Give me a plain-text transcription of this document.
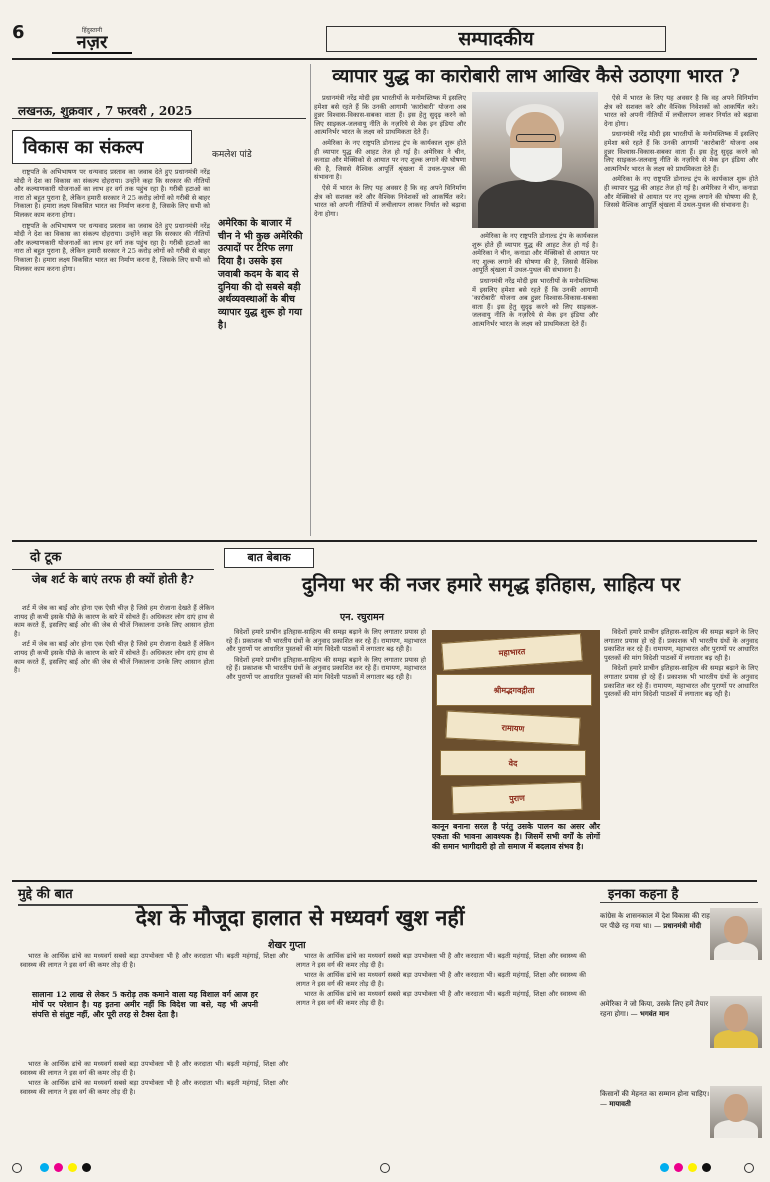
6	हिंदुस्तानी
नज़र	सम्पादकीय
लखनऊ, शुक्रवार , 7 फरवरी , 2025
व्यापार युद्ध का कारोबारी लाभ आखिर कैसे उठाएगा भारत ?

प्रधानमंत्री नरेंद्र मोदी इस भारतीयों के मनोमस्तिष्क में इसलिए हमेशा बसे रहते हैं कि उनकी आगामी 'कारोबारी' योजना अब हुन्नर विश्वास-विकास-सबका वाता हैं। इस हेतु सुदृढ़ करने को लिए साइकल-जलवायु नीति के नज़रिये से मेक इन इंडिया और आत्मनिर्भर भारत के लक्ष्य को प्राथमिकता देते हैं।

अमेरिका के नए राष्ट्रपति डोनाल्ड ट्रंप के कार्यकाल शुरू होते ही व्यापार युद्ध की आहट तेज हो गई है। अमेरिका ने चीन, कनाडा और मेक्सिको से आयात पर नए शुल्क लगाने की घोषणा की है, जिससे वैश्विक आपूर्ति श्रृंखला में उथल-पुथल की संभावना है।

ऐसे में भारत के लिए यह अवसर है कि वह अपने विनिर्माण क्षेत्र को सशक्त करे और वैश्विक निवेशकों को आकर्षित करे। भारत को अपनी नीतियों में लचीलापन लाकर निर्यात को बढ़ावा देना होगा।

अमेरिका के नए राष्ट्रपति डोनाल्ड ट्रंप के कार्यकाल शुरू होते ही व्यापार युद्ध की आहट तेज हो गई है। अमेरिका ने चीन, कनाडा और मेक्सिको से आयात पर नए शुल्क लगाने की घोषणा की है, जिससे वैश्विक आपूर्ति श्रृंखला में उथल-पुथल की संभावना है।

प्रधानमंत्री नरेंद्र मोदी इस भारतीयों के मनोमस्तिष्क में इसलिए हमेशा बसे रहते हैं कि उनकी आगामी 'कारोबारी' योजना अब हुन्नर विश्वास-विकास-सबका वाता हैं। इस हेतु सुदृढ़ करने को लिए साइकल-जलवायु नीति के नज़रिये से मेक इन इंडिया और आत्मनिर्भर भारत के लक्ष्य को प्राथमिकता देते हैं।

ऐसे में भारत के लिए यह अवसर है कि वह अपने विनिर्माण क्षेत्र को सशक्त करे और वैश्विक निवेशकों को आकर्षित करे। भारत को अपनी नीतियों में लचीलापन लाकर निर्यात को बढ़ावा देना होगा।

प्रधानमंत्री नरेंद्र मोदी इस भारतीयों के मनोमस्तिष्क में इसलिए हमेशा बसे रहते हैं कि उनकी आगामी 'कारोबारी' योजना अब हुन्नर विश्वास-विकास-सबका वाता हैं। इस हेतु सुदृढ़ करने को लिए साइकल-जलवायु नीति के नज़रिये से मेक इन इंडिया और आत्मनिर्भर भारत के लक्ष्य को प्राथमिकता देते हैं।

अमेरिका के नए राष्ट्रपति डोनाल्ड ट्रंप के कार्यकाल शुरू होते ही व्यापार युद्ध की आहट तेज हो गई है। अमेरिका ने चीन, कनाडा और मेक्सिको से आयात पर नए शुल्क लगाने की घोषणा की है, जिससे वैश्विक आपूर्ति श्रृंखला में उथल-पुथल की संभावना है।

विकास का संकल्प	कमलेश पांडे

राष्ट्रपति के अभिभाषण पर धन्यवाद प्रस्ताव का जवाब देते हुए प्रधानमंत्री नरेंद्र मोदी ने देश का विकास का संकल्प दोहराया। उन्होंने कहा कि सरकार की नीतियों और कल्याणकारी योजनाओं का लाभ हर वर्ग तक पहुंच रहा है। गरीबी हटाओ का नारा तो बहुत पुराना है, लेकिन हमारी सरकार ने 25 करोड़ लोगों को गरीबी से बाहर निकाला है। हमारा लक्ष्य विकसित भारत का निर्माण करना है, जिसके लिए सभी को मिलकर काम करना होगा।

राष्ट्रपति के अभिभाषण पर धन्यवाद प्रस्ताव का जवाब देते हुए प्रधानमंत्री नरेंद्र मोदी ने देश का विकास का संकल्प दोहराया। उन्होंने कहा कि सरकार की नीतियों और कल्याणकारी योजनाओं का लाभ हर वर्ग तक पहुंच रहा है। गरीबी हटाओ का नारा तो बहुत पुराना है, लेकिन हमारी सरकार ने 25 करोड़ लोगों को गरीबी से बाहर निकाला है। हमारा लक्ष्य विकसित भारत का निर्माण करना है, जिसके लिए सभी को मिलकर काम करना होगा।

अमेरिका के बाजार में चीन ने भी कुछ अमेरिकी उत्पादों पर टैरिफ लगा दिया है। उसके इस जवाबी कदम के बाद से दुनिया की दो सबसे बड़ी अर्थव्यवस्थाओं के बीच व्यापार युद्ध शुरू हो गया है।
दो टूक
जेब शर्ट के बाएं तरफ ही क्यों होती है?

शर्ट में जेब का बाईं ओर होना एक ऐसी चीज़ है जिसे हम रोजाना देखते हैं लेकिन शायद ही कभी इसके पीछे के कारण के बारे में सोचते हैं। अधिकतर लोग दाएं हाथ से काम करते हैं, इसलिए बाईं ओर की जेब से चीजें निकालना उनके लिए आसान होता है।

शर्ट में जेब का बाईं ओर होना एक ऐसी चीज़ है जिसे हम रोजाना देखते हैं लेकिन शायद ही कभी इसके पीछे के कारण के बारे में सोचते हैं। अधिकतर लोग दाएं हाथ से काम करते हैं, इसलिए बाईं ओर की जेब से चीजें निकालना उनके लिए आसान होता है।

बात बेबाक
दुनिया भर की नजर हमारे समृद्ध इतिहास, साहित्य पर
एन. रघुरामन

विदेशों हमारे प्राचीन इतिहास-साहित्य की समझ बढ़ाने के लिए लगातार प्रयास हो रहे हैं। प्रकाशक भी भारतीय ग्रंथों के अनुवाद प्रकाशित कर रहे हैं। रामायण, महाभारत और पुराणों पर आधारित पुस्तकों की मांग विदेशी पाठकों में लगातार बढ़ रही है।

विदेशों हमारे प्राचीन इतिहास-साहित्य की समझ बढ़ाने के लिए लगातार प्रयास हो रहे हैं। प्रकाशक भी भारतीय ग्रंथों के अनुवाद प्रकाशित कर रहे हैं। रामायण, महाभारत और पुराणों पर आधारित पुस्तकों की मांग विदेशी पाठकों में लगातार बढ़ रही है।

महाभारत
श्रीमद्भगवद्गीता
रामायण
वेद
पुराण
कानून बनाना सरल है परंतु उसके पालन का असर और एकता की भावना आवश्यक है। जिसमें सभी वर्गों के लोगों की समान भागीदारी हो तो समाज में बदलाव संभव है।

विदेशों हमारे प्राचीन इतिहास-साहित्य की समझ बढ़ाने के लिए लगातार प्रयास हो रहे हैं। प्रकाशक भी भारतीय ग्रंथों के अनुवाद प्रकाशित कर रहे हैं। रामायण, महाभारत और पुराणों पर आधारित पुस्तकों की मांग विदेशी पाठकों में लगातार बढ़ रही है।

विदेशों हमारे प्राचीन इतिहास-साहित्य की समझ बढ़ाने के लिए लगातार प्रयास हो रहे हैं। प्रकाशक भी भारतीय ग्रंथों के अनुवाद प्रकाशित कर रहे हैं। रामायण, महाभारत और पुराणों पर आधारित पुस्तकों की मांग विदेशी पाठकों में लगातार बढ़ रही है।

मुद्दे की बात
देश के मौजूदा हालात से मध्यवर्ग खुश नहीं
शेखर गुप्ता

भारत के आर्थिक ढांचे का मध्यवर्ग सबसे बड़ा उपभोक्ता भी है और करदाता भी। बढ़ती महंगाई, शिक्षा और स्वास्थ्य की लागत ने इस वर्ग की कमर तोड़ दी है।

सालाना 12 लाख से लेकर 5 करोड़ तक कमाने वाला यह विशाल वर्ग आज हर मोर्चे पर परेशान है। यह इतना अमीर नहीं कि विदेश जा बसे, यह भी अपनी संपत्ति से संतुष्ट नहीं, और पूरी तरह से टैक्स देता है।

भारत के आर्थिक ढांचे का मध्यवर्ग सबसे बड़ा उपभोक्ता भी है और करदाता भी। बढ़ती महंगाई, शिक्षा और स्वास्थ्य की लागत ने इस वर्ग की कमर तोड़ दी है।

भारत के आर्थिक ढांचे का मध्यवर्ग सबसे बड़ा उपभोक्ता भी है और करदाता भी। बढ़ती महंगाई, शिक्षा और स्वास्थ्य की लागत ने इस वर्ग की कमर तोड़ दी है।

भारत के आर्थिक ढांचे का मध्यवर्ग सबसे बड़ा उपभोक्ता भी है और करदाता भी। बढ़ती महंगाई, शिक्षा और स्वास्थ्य की लागत ने इस वर्ग की कमर तोड़ दी है।

भारत के आर्थिक ढांचे का मध्यवर्ग सबसे बड़ा उपभोक्ता भी है और करदाता भी। बढ़ती महंगाई, शिक्षा और स्वास्थ्य की लागत ने इस वर्ग की कमर तोड़ दी है।

भारत के आर्थिक ढांचे का मध्यवर्ग सबसे बड़ा उपभोक्ता भी है और करदाता भी। बढ़ती महंगाई, शिक्षा और स्वास्थ्य की लागत ने इस वर्ग की कमर तोड़ दी है।

इनका कहना है
कांग्रेस के शासनकाल में देश विकास की राह पर पीछे रह गया था। — प्रधानमंत्री मोदी
अमेरिका ने जो किया, उसके लिए हमें तैयार रहना होगा। — भगवंत मान
किसानों की मेहनत का सम्मान होना चाहिए। — मायावती
